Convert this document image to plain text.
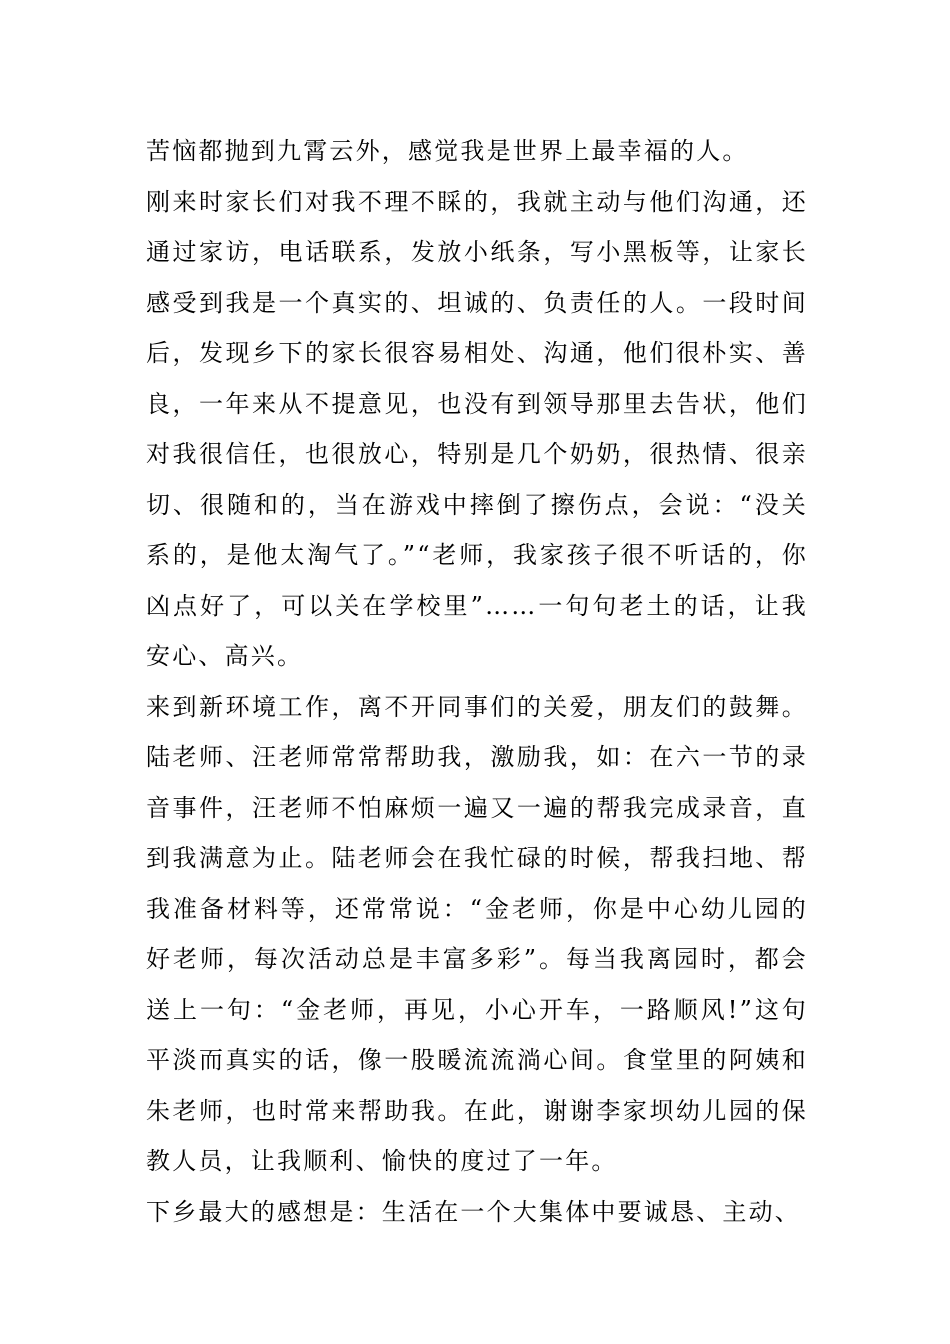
苦恼都抛到九霄云外，感觉我是世界上最幸福的人。

刚来时家长们对我不理不睬的，我就主动与他们沟通，还通过家访，电话联系，发放小纸条，写小黑板等，让家长感受到我是一个真实的、坦诚的、负责任的人。一段时间后，发现乡下的家长很容易相处、沟通，他们很朴实、善良，一年来从不提意见，也没有到领导那里去告状，他们对我很信任，也很放心，特别是几个奶奶，很热情、很亲切、很随和的，当在游戏中摔倒了擦伤点，会说：“没关系的，是他太淘气了。”“老师，我家孩子很不听话的，你凶点好了，可以关在学校里”……一句句老土的话，让我安心、高兴。

来到新环境工作，离不开同事们的关爱，朋友们的鼓舞。陆老师、汪老师常常帮助我，激励我，如：在六一节的录音事件，汪老师不怕麻烦一遍又一遍的帮我完成录音，直到我满意为止。陆老师会在我忙碌的时候，帮我扫地、帮我准备材料等，还常常说：“金老师，你是中心幼儿园的好老师，每次活动总是丰富多彩”。每当我离园时，都会送上一句：“金老师，再见，小心开车，一路顺风!”这句平淡而真实的话，像一股暖流流淌心间。食堂里的阿姨和朱老师，也时常来帮助我。在此，谢谢李家坝幼儿园的保教人员，让我顺利、愉快的度过了一年。

下乡最大的感想是：生活在一个大集体中要诚恳、主动、
